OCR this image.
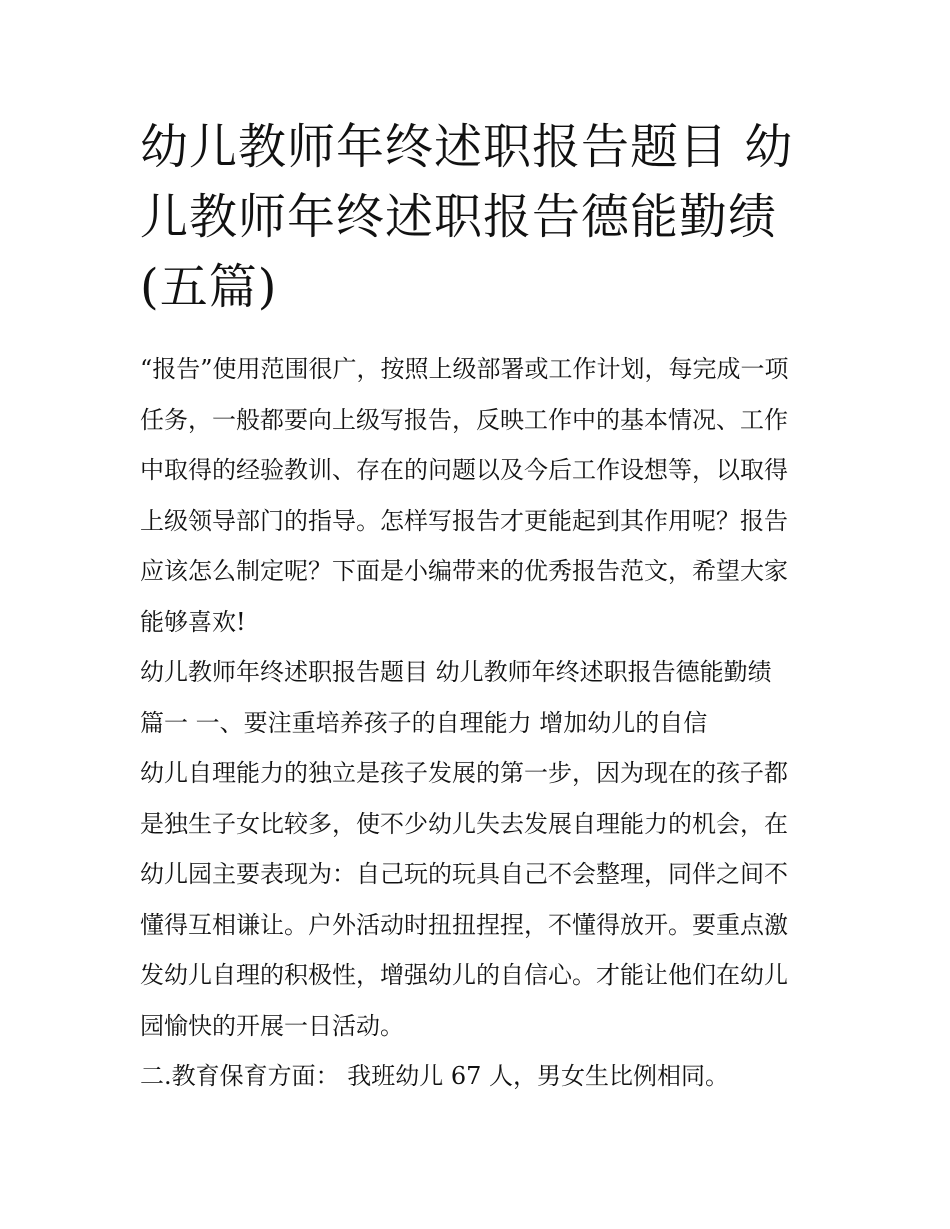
幼儿教师年终述职报告题目 幼
儿教师年终述职报告德能勤绩
(五篇)
“报告”使用范围很广，按照上级部署或工作计划，每完成一项
任务，一般都要向上级写报告，反映工作中的基本情况、工作
中取得的经验教训、存在的问题以及今后工作设想等，以取得
上级领导部门的指导。怎样写报告才更能起到其作用呢？报告
应该怎么制定呢？下面是小编带来的优秀报告范文，希望大家
能够喜欢!
幼儿教师年终述职报告题目 幼儿教师年终述职报告德能勤绩
篇一 一、要注重培养孩子的自理能力 增加幼儿的自信
幼儿自理能力的独立是孩子发展的第一步，因为现在的孩子都
是独生子女比较多，使不少幼儿失去发展自理能力的机会，在
幼儿园主要表现为：自己玩的玩具自己不会整理，同伴之间不
懂得互相谦让。户外活动时扭扭捏捏，不懂得放开。要重点激
发幼儿自理的积极性，增强幼儿的自信心。才能让他们在幼儿
园愉快的开展一日活动。
二.教育保育方面： 我班幼儿 67 人，男女生比例相同。
